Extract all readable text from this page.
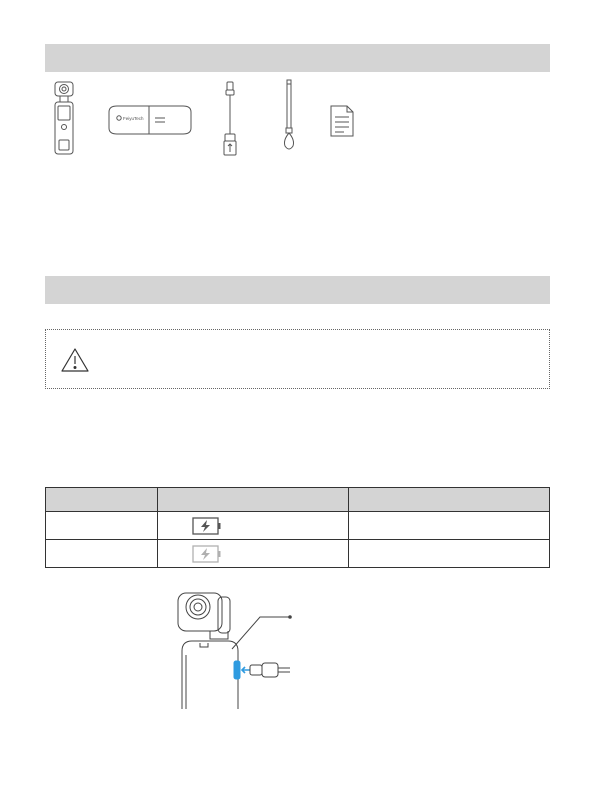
FeiyuTech
